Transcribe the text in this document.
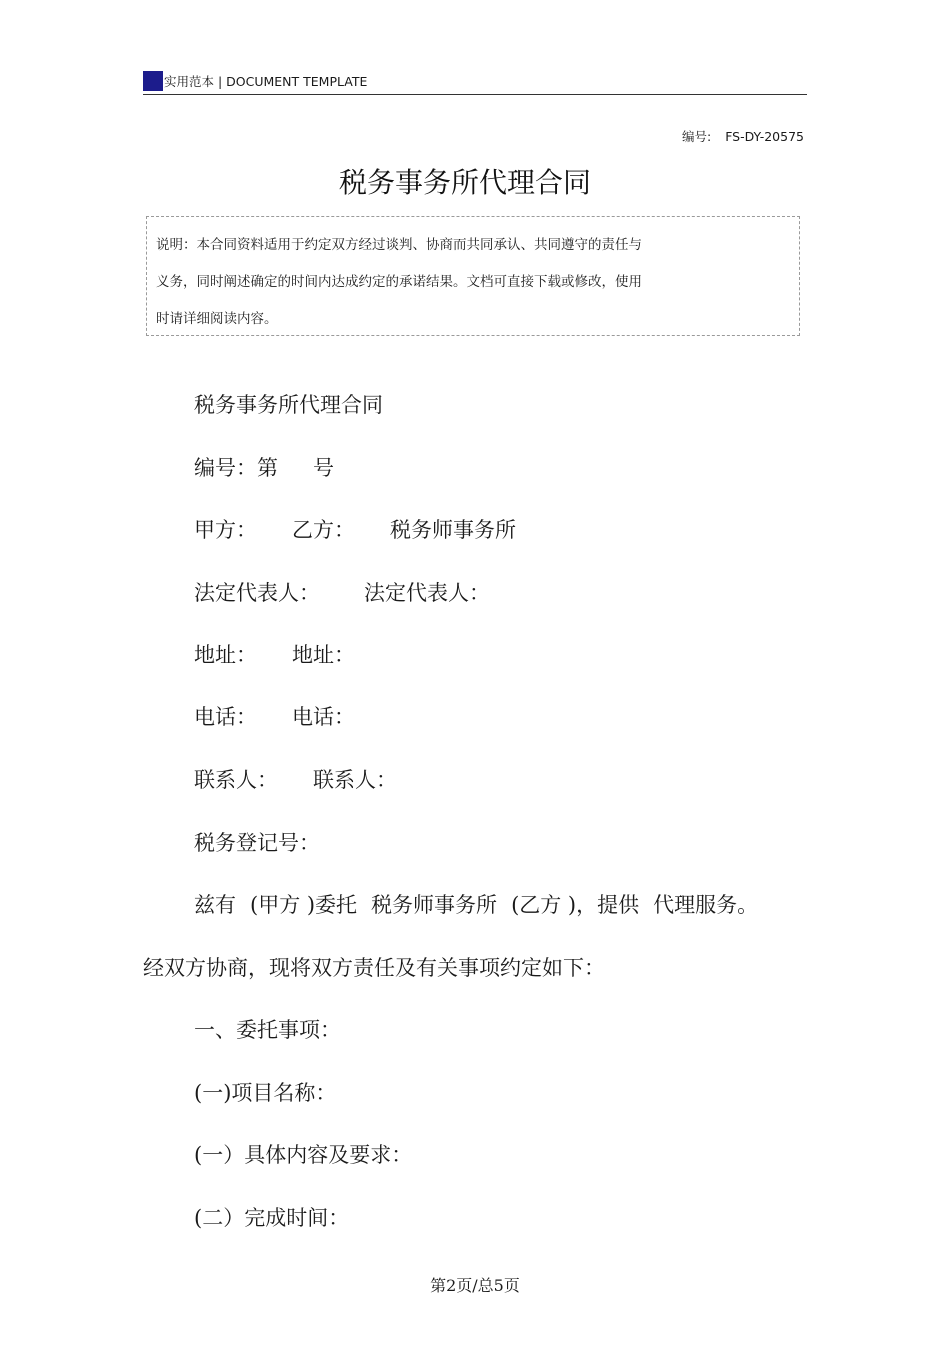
实用范本 | DOCUMENT TEMPLATE
编号: FS-DY-20575
税务事务所代理合同
说明：本合同资料适用于约定双方经过谈判、协商而共同承认、共同遵守的责任与
义务，同时阐述确定的时间内达成约定的承诺结果。文档可直接下载或修改，使用
时请详细阅读内容。
税务事务所代理合同
编号：第 号
甲方： 乙方： 税务师事务所
法定代表人： 法定代表人：
地址： 地址：
电话： 电话：
联系人： 联系人：
税务登记号：
兹有 (甲方 )委托 税务师事务所 (乙方 )，提供 代理服务。
经双方协商，现将双方责任及有关事项约定如下：
一、委托事项：
(一)项目名称：
(一）具体内容及要求：
(二）完成时间：
第2页/总5页
